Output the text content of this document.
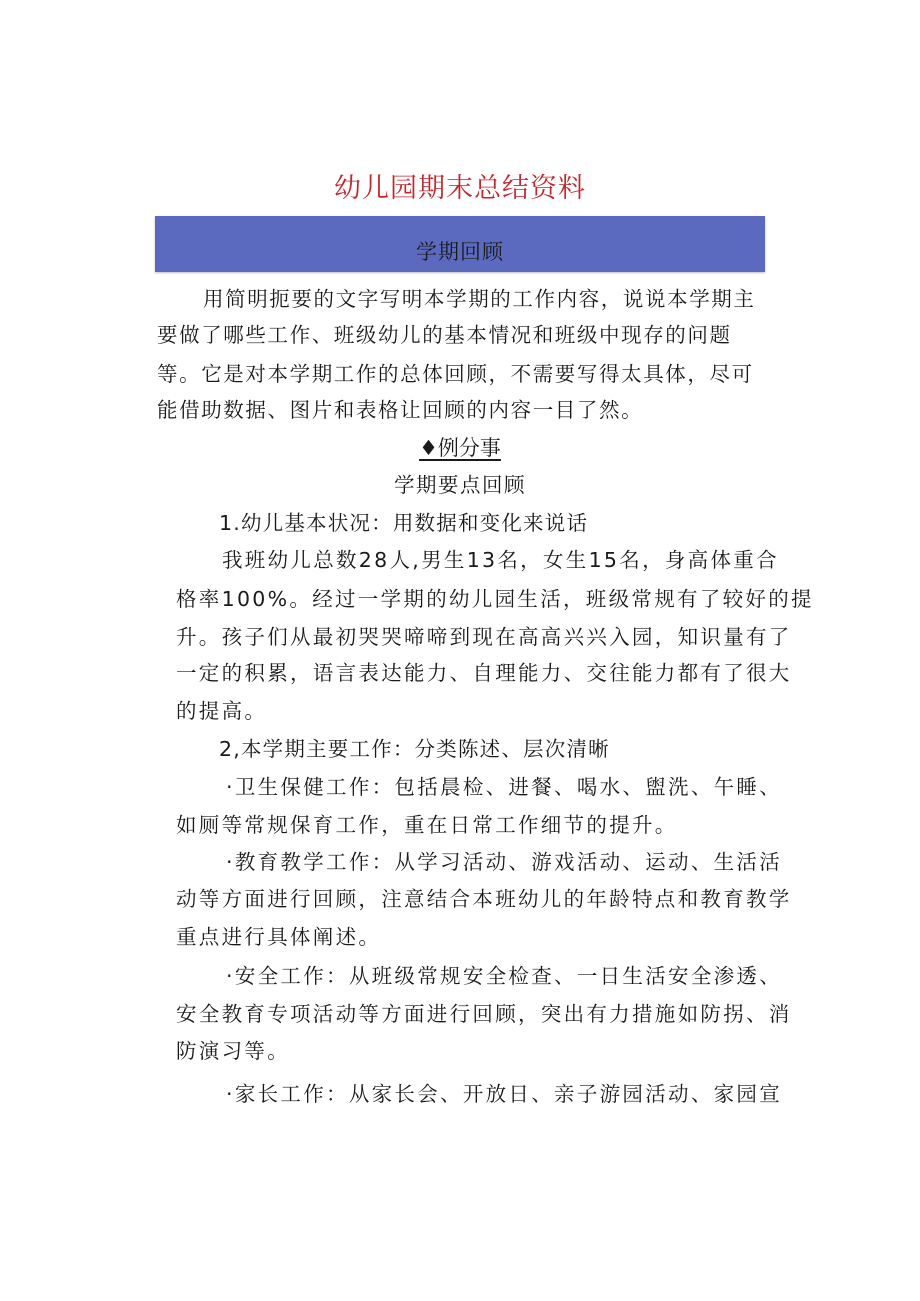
幼儿园期末总结资料
学期回顾
用简明扼要的文字写明本学期的工作内容，说说本学期主
要做了哪些工作、班级幼儿的基本情况和班级中现存的问题
等。它是对本学期工作的总体回顾，不需要写得太具体，尽可
能借助数据、图片和表格让回顾的内容一目了然。
♦例分事
学期要点回顾
1.幼儿基本状况：用数据和变化来说话
我班幼儿总数28人,男生13名，女生15名，身高体重合
格率100%。经过一学期的幼儿园生活，班级常规有了较好的提
升。孩子们从最初哭哭啼啼到现在高高兴兴入园，知识量有了
一定的积累，语言表达能力、自理能力、交往能力都有了很大
的提高。
2,本学期主要工作：分类陈述、层次清晰
·卫生保健工作：包括晨检、进餐、喝水、盥洗、午睡、
如厕等常规保育工作，重在日常工作细节的提升。
·教育教学工作：从学习活动、游戏活动、运动、生活活
动等方面进行回顾，注意结合本班幼儿的年龄特点和教育教学
重点进行具体阐述。
·安全工作：从班级常规安全检查、一日生活安全渗透、
安全教育专项活动等方面进行回顾，突出有力措施如防拐、消
防演习等。
·家长工作：从家长会、开放日、亲子游园活动、家园宣
